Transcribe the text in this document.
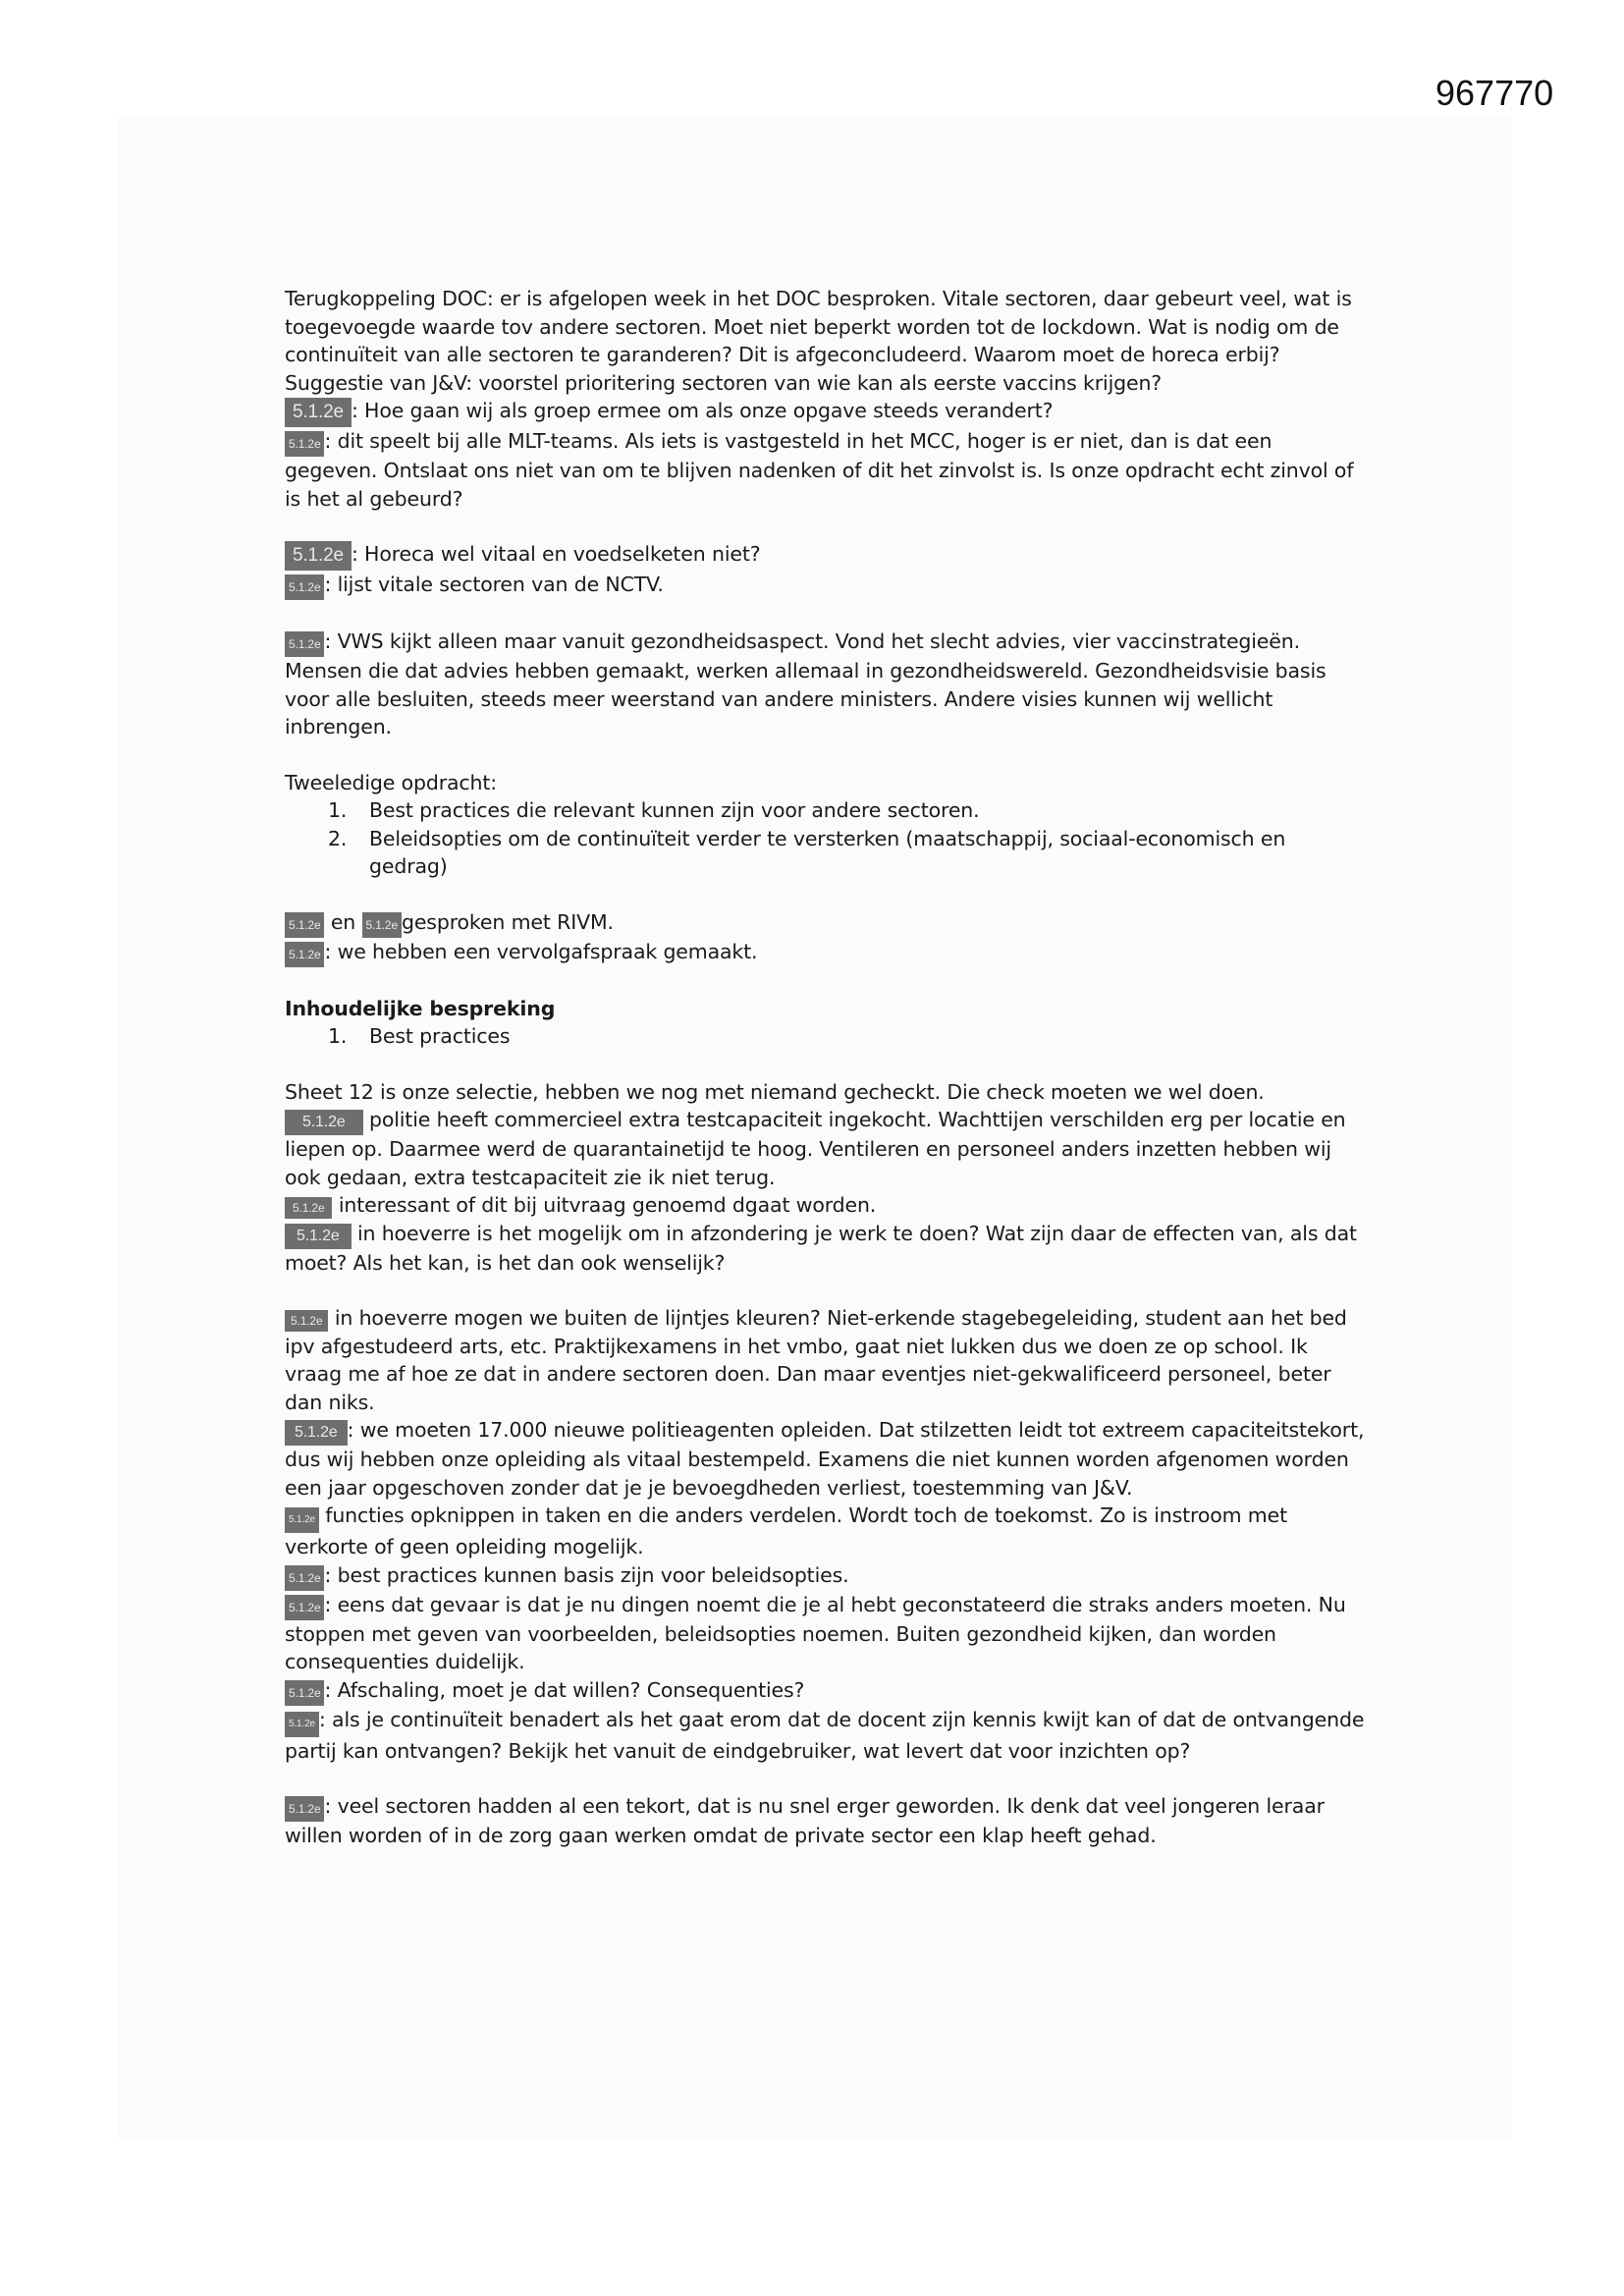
967770

Terugkoppeling DOC: er is afgelopen week in het DOC besproken. Vitale sectoren, daar gebeurt veel, wat is toegevoegde waarde tov andere sectoren. Moet niet beperkt worden tot de lockdown. Wat is nodig om de continuïteit van alle sectoren te garanderen? Dit is afgeconcludeerd. Waarom moet de horeca erbij? Suggestie van J&V: voorstel prioritering sectoren van wie kan als eerste vaccins krijgen?

5.1.2e : Hoe gaan wij als groep ermee om als onze opgave steeds verandert?

5.1.2e : dit speelt bij alle MLT-teams. Als iets is vastgesteld in het MCC, hoger is er niet, dan is dat een gegeven. Ontslaat ons niet van om te blijven nadenken of dit het zinvolst is. Is onze opdracht echt zinvol of is het al gebeurd?

5.1.2e : Horeca wel vitaal en voedselketen niet?

5.1.2e : lijst vitale sectoren van de NCTV.

5.1.2e : VWS kijkt alleen maar vanuit gezondheidsaspect. Vond het slecht advies, vier vaccinstrategieën. Mensen die dat advies hebben gemaakt, werken allemaal in gezondheidswereld. Gezondheidsvisie basis voor alle besluiten, steeds meer weerstand van andere ministers. Andere visies kunnen wij wellicht inbrengen.

Tweeledige opdracht:

1.	Best practices die relevant kunnen zijn voor andere sectoren.
2.	Beleidsopties om de continuïteit verder te versterken (maatschappij, sociaal-economisch en gedrag)

5.1.2e en 5.1.2e gesproken met RIVM.

5.1.2e : we hebben een vervolgafspraak gemaakt.

Inhoudelijke bespreking

1.	Best practices

Sheet 12 is onze selectie, hebben we nog met niemand gecheckt. Die check moeten we wel doen.

5.1.2e politie heeft commercieel extra testcapaciteit ingekocht. Wachttijen verschilden erg per locatie en liepen op. Daarmee werd de quarantainetijd te hoog. Ventileren en personeel anders inzetten hebben wij ook gedaan, extra testcapaciteit zie ik niet terug.

5.1.2e interessant of dit bij uitvraag genoemd dgaat worden.

5.1.2e in hoeverre is het mogelijk om in afzondering je werk te doen? Wat zijn daar de effecten van, als dat moet? Als het kan, is het dan ook wenselijk?

5.1.2e in hoeverre mogen we buiten de lijntjes kleuren? Niet-erkende stagebegeleiding, student aan het bed ipv afgestudeerd arts, etc. Praktijkexamens in het vmbo, gaat niet lukken dus we doen ze op school. Ik vraag me af hoe ze dat in andere sectoren doen. Dan maar eventjes niet-gekwalificeerd personeel, beter dan niks.

5.1.2e : we moeten 17.000 nieuwe politieagenten opleiden. Dat stilzetten leidt tot extreem capaciteitstekort, dus wij hebben onze opleiding als vitaal bestempeld. Examens die niet kunnen worden afgenomen worden een jaar opgeschoven zonder dat je je bevoegdheden verliest, toestemming van J&V.

5.1.2e functies opknippen in taken en die anders verdelen. Wordt toch de toekomst. Zo is instroom met verkorte of geen opleiding mogelijk.

5.1.2e : best practices kunnen basis zijn voor beleidsopties.

5.1.2e : eens dat gevaar is dat je nu dingen noemt die je al hebt geconstateerd die straks anders moeten. Nu stoppen met geven van voorbeelden, beleidsopties noemen. Buiten gezondheid kijken, dan worden consequenties duidelijk.

5.1.2e : Afschaling, moet je dat willen? Consequenties?

5.1.2e : als je continuïteit benadert als het gaat erom dat de docent zijn kennis kwijt kan of dat de ontvangende partij kan ontvangen? Bekijk het vanuit de eindgebruiker, wat levert dat voor inzichten op?

5.1.2e : veel sectoren hadden al een tekort, dat is nu snel erger geworden. Ik denk dat veel jongeren leraar willen worden of in de zorg gaan werken omdat de private sector een klap heeft gehad.
